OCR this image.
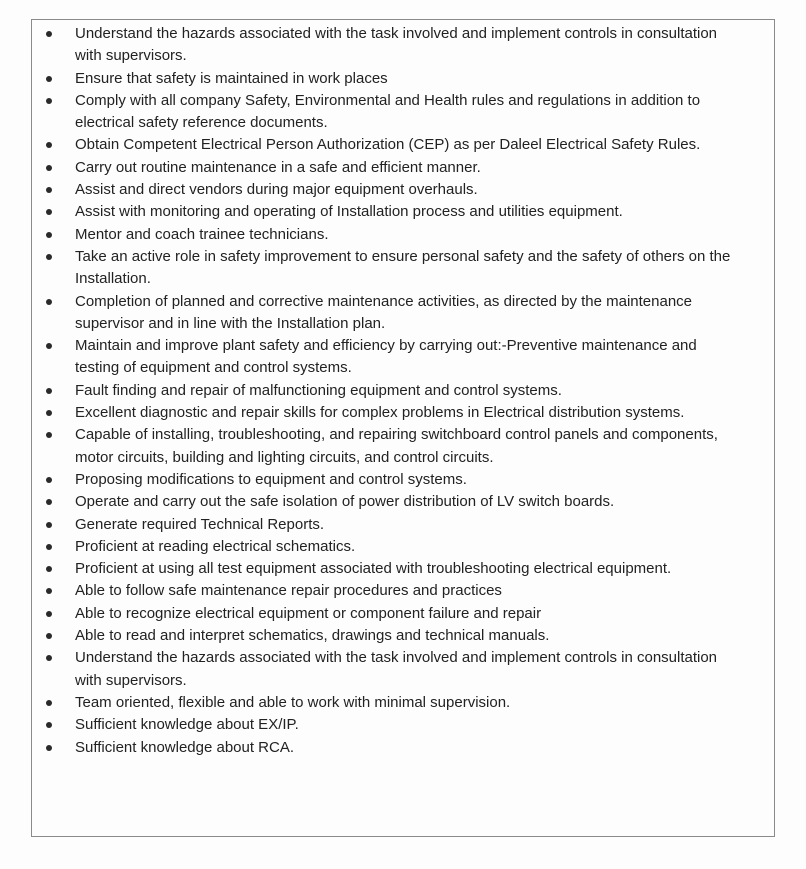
Understand the hazards associated with the task involved and implement controls in consultation with supervisors.
Ensure that safety is maintained in work places
Comply with all company Safety, Environmental and Health rules and regulations in addition to electrical safety reference documents.
Obtain Competent Electrical Person Authorization (CEP) as per Daleel Electrical Safety Rules.
Carry out routine maintenance in a safe and efficient manner.
Assist and direct vendors during major equipment overhauls.
Assist with monitoring and operating of Installation process and utilities equipment.
Mentor and coach trainee technicians.
Take an active role in safety improvement to ensure personal safety and the safety of others on the Installation.
Completion of planned and corrective maintenance activities, as directed by the maintenance supervisor and in line with the Installation plan.
Maintain and improve plant safety and efficiency by carrying out:-Preventive maintenance and testing of equipment and control systems.
Fault finding and repair of malfunctioning equipment and control systems.
Excellent diagnostic and repair skills for complex problems in Electrical distribution systems.
Capable of installing, troubleshooting, and repairing switchboard control panels and components, motor circuits, building and lighting circuits, and control circuits.
Proposing modifications to equipment and control systems.
Operate and carry out the safe isolation of power distribution of LV switch boards.
Generate required Technical Reports.
Proficient at reading electrical schematics.
Proficient at using all test equipment associated with troubleshooting electrical equipment.
Able to follow safe maintenance repair procedures and practices
Able to recognize electrical equipment or component failure and repair
Able to read and interpret schematics, drawings and technical manuals.
Understand the hazards associated with the task involved and implement controls in consultation with supervisors.
Team oriented, flexible and able to work with minimal supervision.
Sufficient knowledge about EX/IP.
Sufficient knowledge about RCA.
